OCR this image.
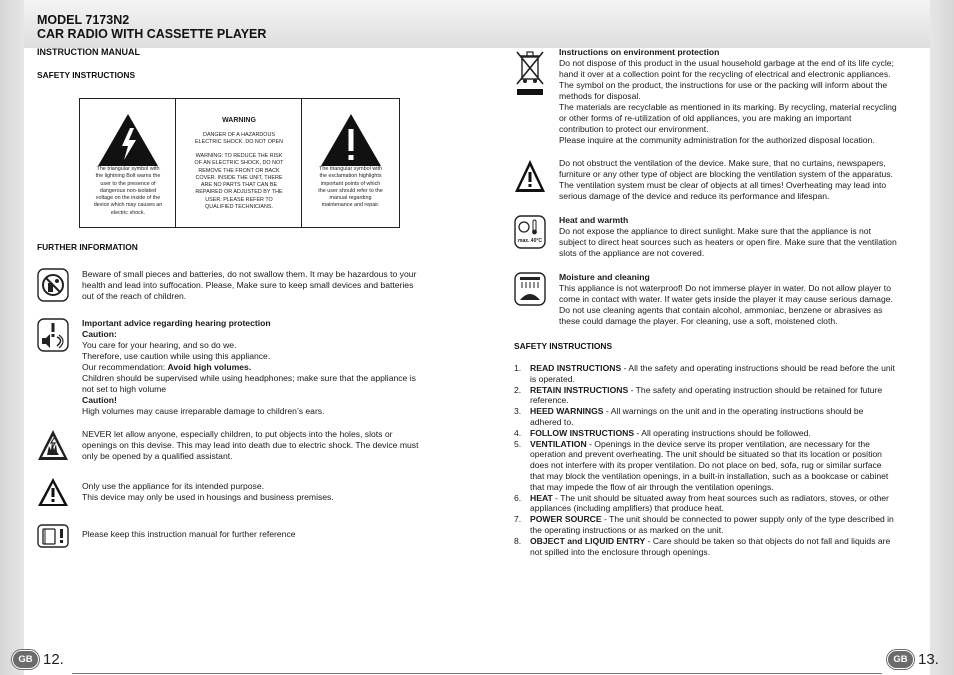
MODEL 7173N2
CAR RADIO WITH CASSETTE PLAYER
INSTRUCTION MANUAL
SAFETY INSTRUCTIONS
The triangular symbol with
the lightning Bolt warns the
user to the presence of
dangerous non-isolated
voltage on the inside of the
device which may causes an
electric shock.
WARNING
DANGER OF A HAZARDOUS
ELECTRIC SHOCK. DO NOT OPEN
WARNING: TO REDUCE THE RISK
OF AN ELECTRIC SHOCK, DO NOT
REMOVE THE FRONT OR BACK
COVER. INSIDE THE UNIT, THERE
ARE NO PARTS THAT CAN BE
REPAIRED OR ADJUSTED BY THE
USER. PLEASE REFER TO
QUALIFIED TECHNICIANS.
The triangular symbol with
the exclamation highlights
important points of which
the user should refer to the
manual regarding
maintenance and repair.
FURTHER INFORMATION
Beware of small pieces and batteries, do not swallow them. It may be hazardous to your
health and lead into suffocation. Please, Make sure to keep small devices and batteries
out of the reach of children.
Important advice regarding hearing protection
Caution:
You care for your hearing, and so do we.
Therefore, use caution while using this appliance.
Our recommendation: Avoid high volumes.
Children should be supervised while using headphones; make sure that the appliance is
not set to high volume
Caution!
High volumes may cause irreparable damage to children’s ears.
NEVER let allow anyone, especially children, to put objects into the holes, slots or
openings on this devise. This may lead into death due to electric shock. The device must
only be opened by a qualified assistant.
Only use the appliance for its intended purpose.
This device may only be used in housings and business premises.
Please keep this instruction manual for further reference
GB 12.
Instructions on environment protection
Do not dispose of this product in the usual household garbage at the end of its life cycle;
hand it over at a collection point for the recycling of electrical and electronic appliances.
The symbol on the product, the instructions for use or the packing will inform about the
methods for disposal.
The materials are recyclable as mentioned in its marking. By recycling, material recycling
or other forms of re-utilization of old appliances, you are making an important
contribution to protect our environment.
Please inquire at the community administration for the authorized disposal location.
Do not obstruct the ventilation of the device. Make sure, that no curtains, newspapers,
furniture or any other type of object are blocking the ventilation system of the apparatus.
The ventilation system must be clear of objects at all times! Overheating may lead into
serious damage of the device and reduce its performance and lifespan.
max. 40°C
Heat and warmth
Do not expose the appliance to direct sunlight. Make sure that the appliance is not
subject to direct heat sources such as heaters or open fire. Make sure that the ventilation
slots of the appliance are not covered.
Moisture and cleaning
This appliance is not waterproof! Do not immerse player in water. Do not allow player to
come in contact with water. If water gets inside the player it may cause serious damage.
Do not use cleaning agents that contain alcohol, ammoniac, benzene or abrasives as
these could damage the player. For cleaning, use a soft, moistened cloth.
SAFETY INSTRUCTIONS
1. READ INSTRUCTIONS - All the safety and operating instructions should be read before the unit
is operated.
2. RETAIN INSTRUCTIONS - The safety and operating instruction should be retained for future
reference.
3. HEED WARNINGS - All warnings on the unit and in the operating instructions should be
adhered to.
4. FOLLOW INSTRUCTIONS - All operating instructions should be followed.
5. VENTILATION - Openings in the device serve its proper ventilation, are necessary for the
operation and prevent overheating. The unit should be situated so that its location or position
does not interfere with its proper ventilation. Do not place on bed, sofa, rug or similar surface
that may block the ventilation openings, in a built-in installation, such as a bookcase or cabinet
that may impede the flow of air through the ventilation openings.
6. HEAT - The unit should be situated away from heat sources such as radiators, stoves, or other
appliances (including amplifiers) that produce heat.
7. POWER SOURCE - The unit should be connected to power supply only of the type described in
the operating instructions or as marked on the unit.
8. OBJECT and LIQUID ENTRY - Care should be taken so that objects do not fall and liquids are
not spilled into the enclosure through openings.
GB 13.
